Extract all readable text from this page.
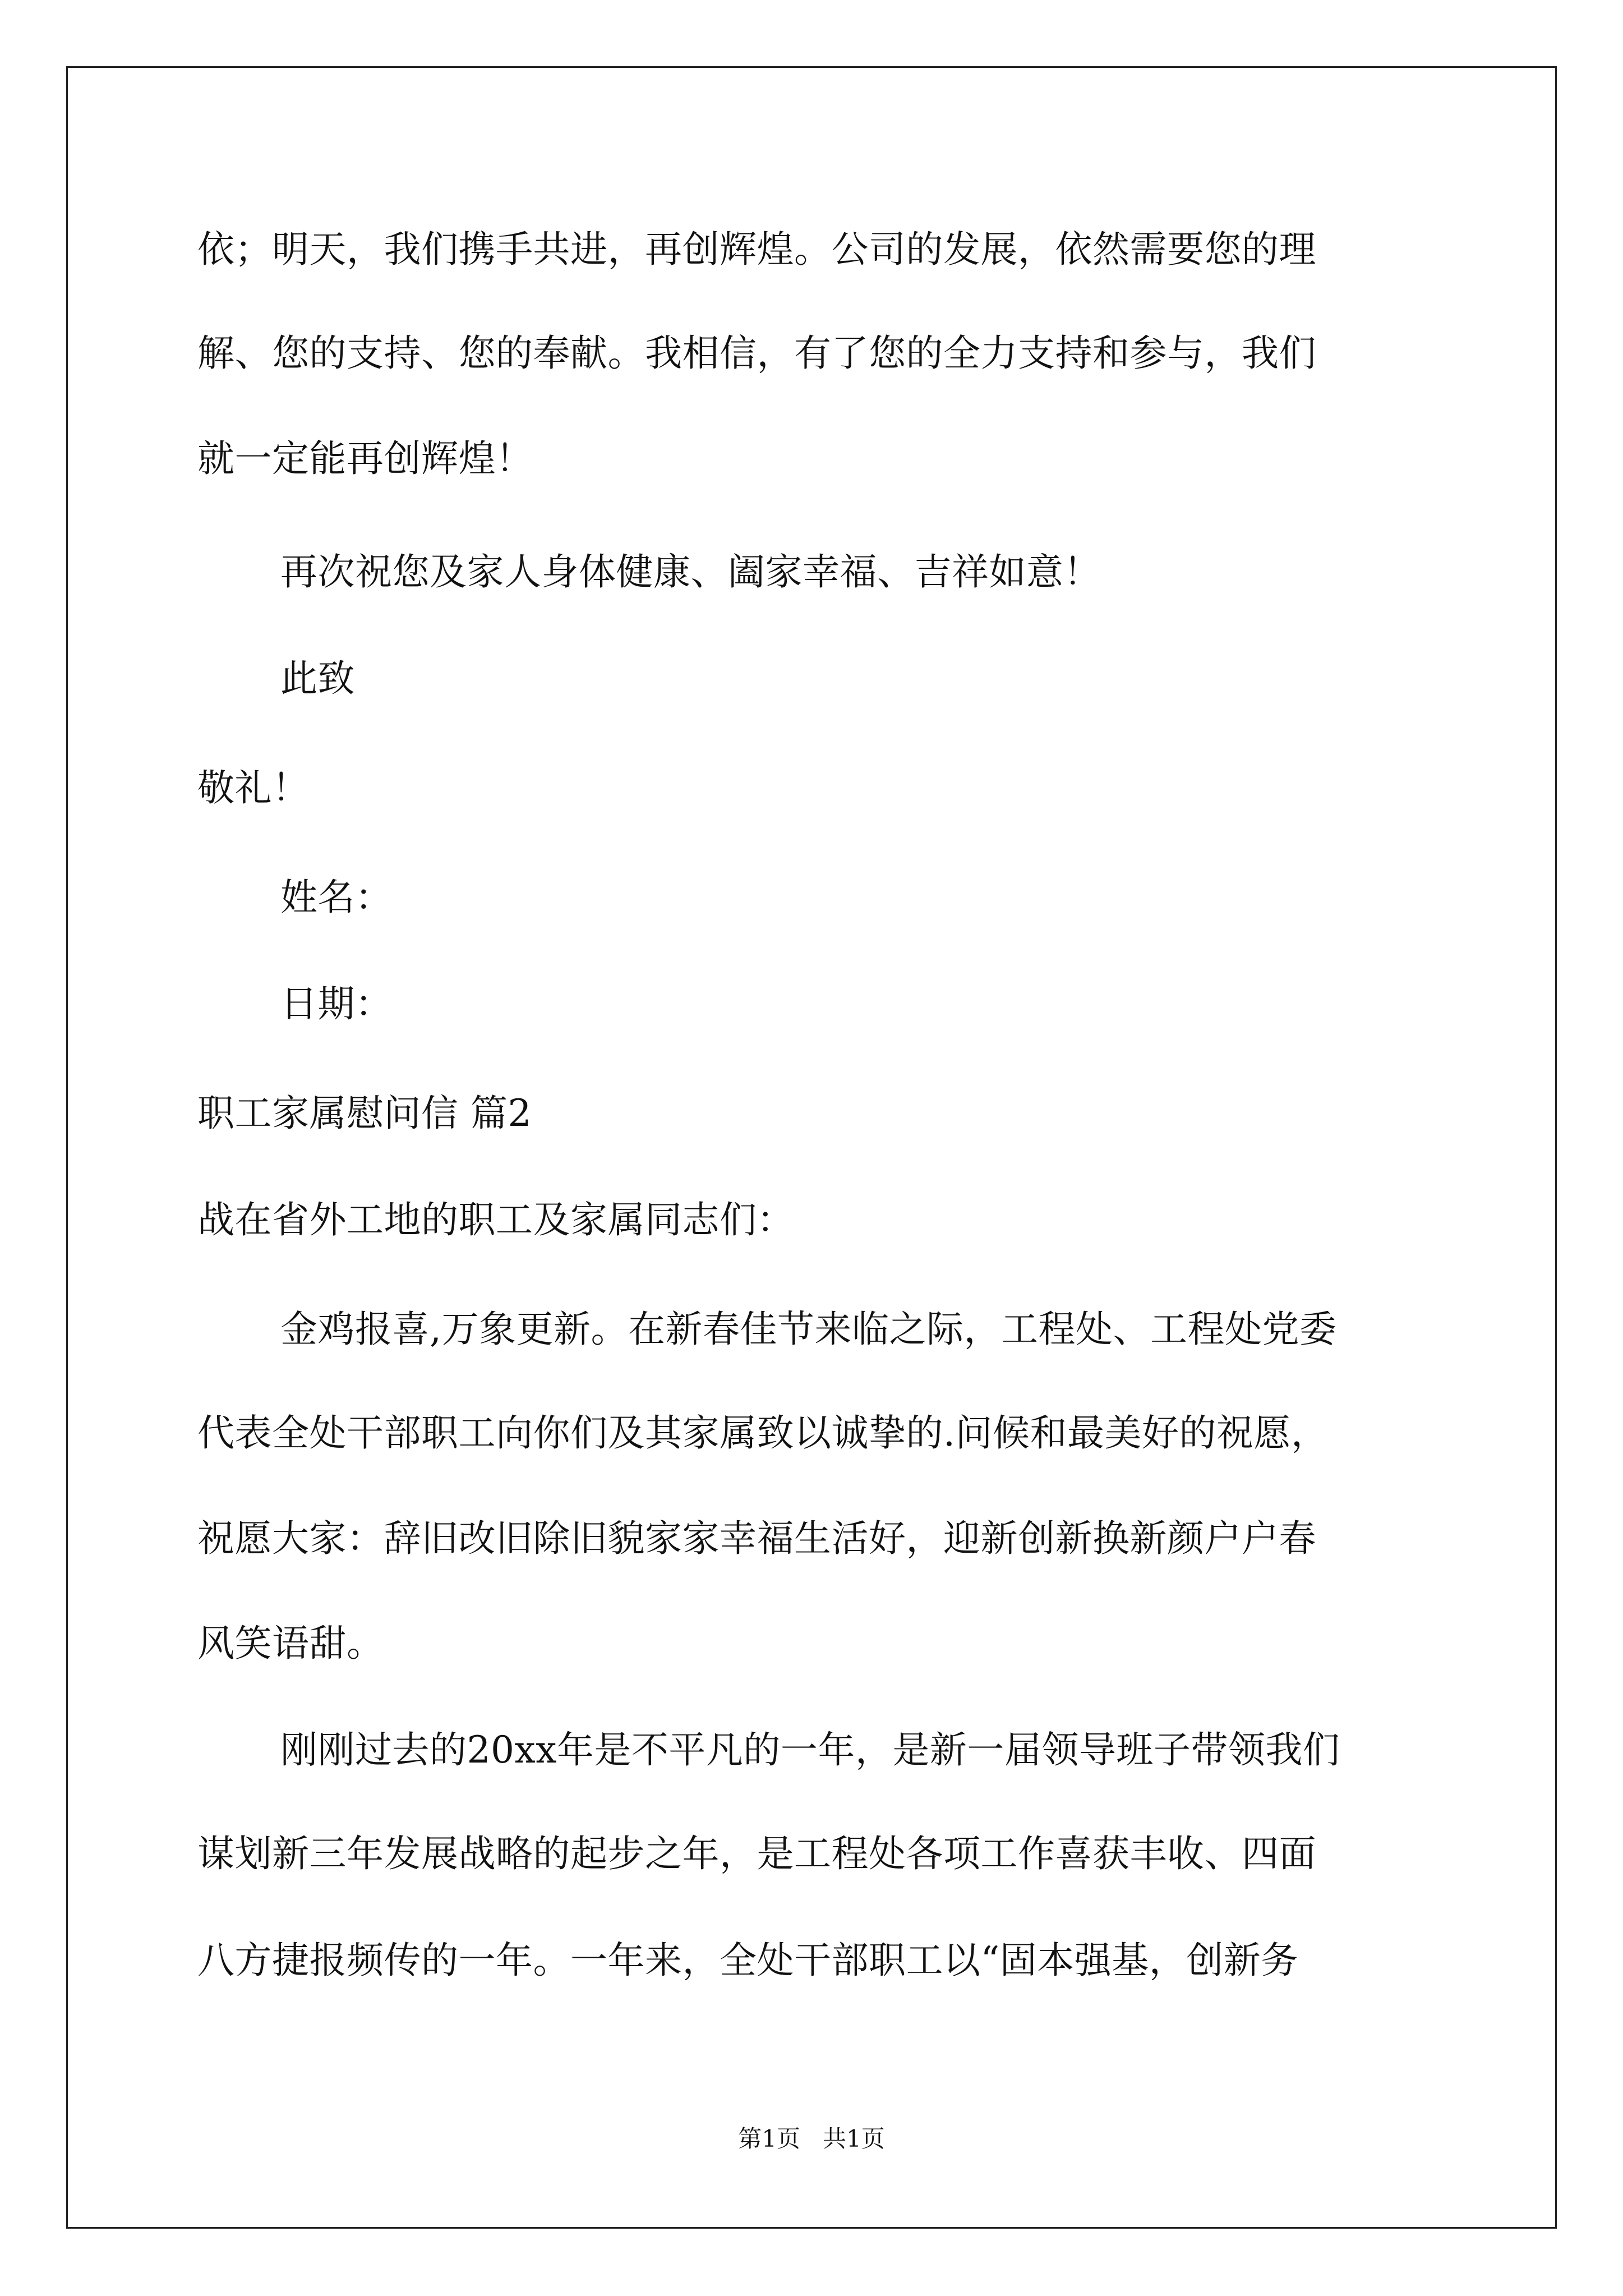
依；明天，我们携手共进，再创辉煌。公司的发展，依然需要您的理
解、您的支持、您的奉献。我相信，有了您的全力支持和参与，我们
就一定能再创辉煌！
再次祝您及家人身体健康、阖家幸福、吉祥如意！
此致
敬礼！
姓名：
日期：
职工家属慰问信 篇2
战在省外工地的职工及家属同志们：
金鸡报喜,万象更新。在新春佳节来临之际，工程处、工程处党委
代表全处干部职工向你们及其家属致以诚挚的.问候和最美好的祝愿，
祝愿大家：辞旧改旧除旧貌家家幸福生活好，迎新创新换新颜户户春
风笑语甜。
刚刚过去的20xx年是不平凡的一年，是新一届领导班子带领我们
谋划新三年发展战略的起步之年，是工程处各项工作喜获丰收、四面
八方捷报频传的一年。一年来，全处干部职工以“固本强基，创新务
第1页   共1页
